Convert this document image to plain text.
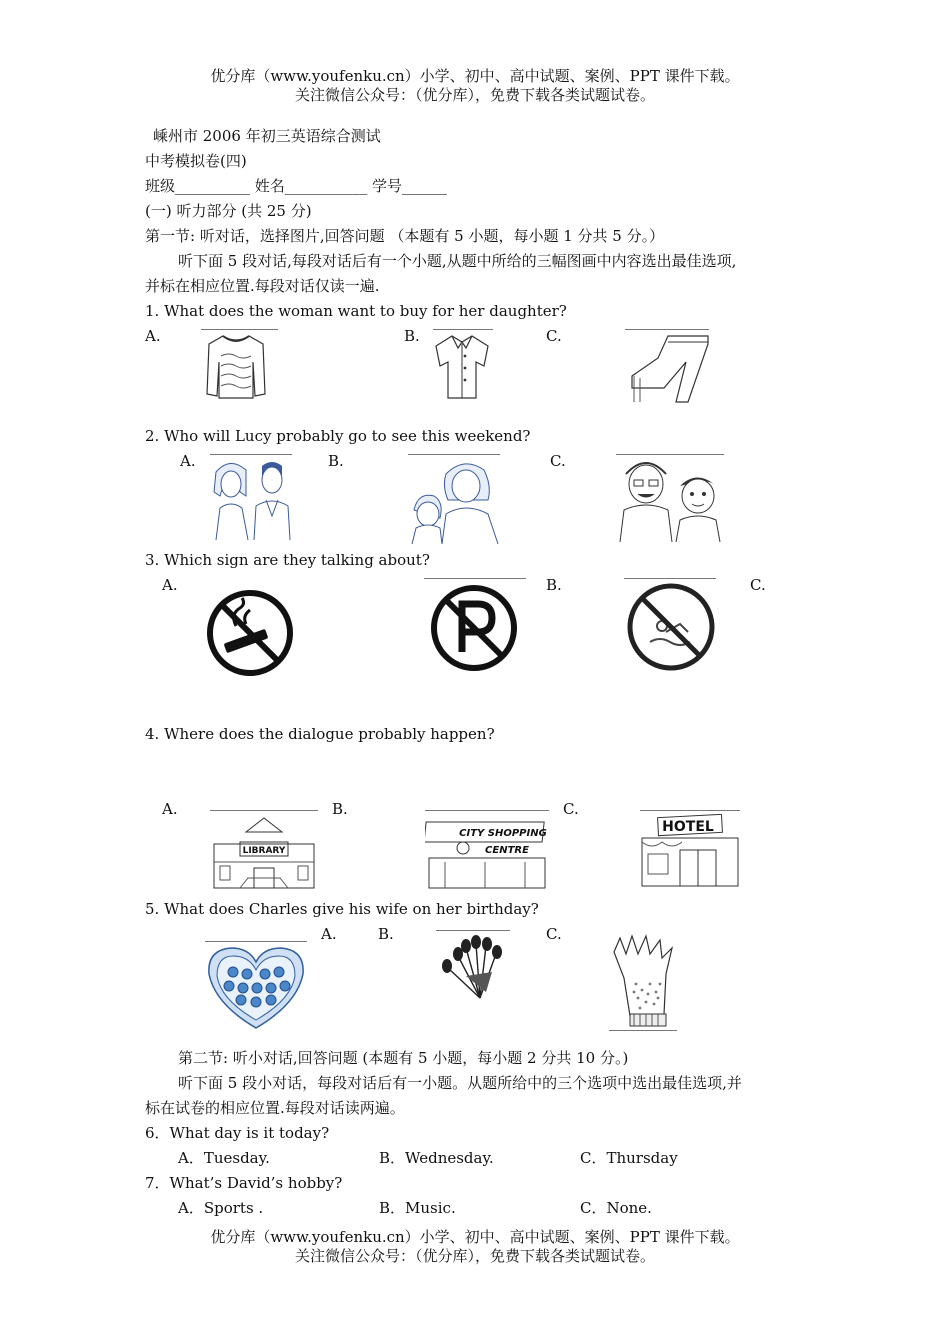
优分库（www.youfenku.cn）小学、初中、高中试题、案例、PPT 课件下载。
关注微信公众号：（优分库），免费下载各类试题试卷。
嵊州市 2006 年初三英语综合测试
中考模拟卷(四)
班级__________ 姓名___________ 学号______
(一) 听力部分 (共 25 分)
第一节: 听对话，选择图片,回答问题 （本题有 5 小题，每小题 1 分共 5 分。）
听下面 5 段对话,每段对话后有一个小题,从题中所给的三幅图画中内容选出最佳选项,
并标在相应位置.每段对话仅读一遍.
1. What does the woman want to buy for her daughter?
A.	B.	C.
2. Who will Lucy probably go to see this weekend?
A.	B.	C.
3. Which sign are they talking about?
A.	B.	C.
4. Where does the dialogue probably happen?
A.	B.	C.
LIBRARY
CITY SHOPPING
CENTRE
HOTEL
5. What does Charles give his wife on her birthday?
A.	B.	C.
第二节: 听小对话,回答问题 (本题有 5 小题，每小题 2 分共 10 分。)
听下面 5 段小对话，每段对话后有一小题。从题所给中的三个选项中选出最佳选项,并
标在试卷的相应位置.每段对话读两遍。
6．What day is it today?
A．Tuesday.	B．Wednesday.	C．Thursday
7．What’s David’s hobby?
A．Sports .	B．Music.	C．None.
优分库（www.youfenku.cn）小学、初中、高中试题、案例、PPT 课件下载。
关注微信公众号：（优分库），免费下载各类试题试卷。
